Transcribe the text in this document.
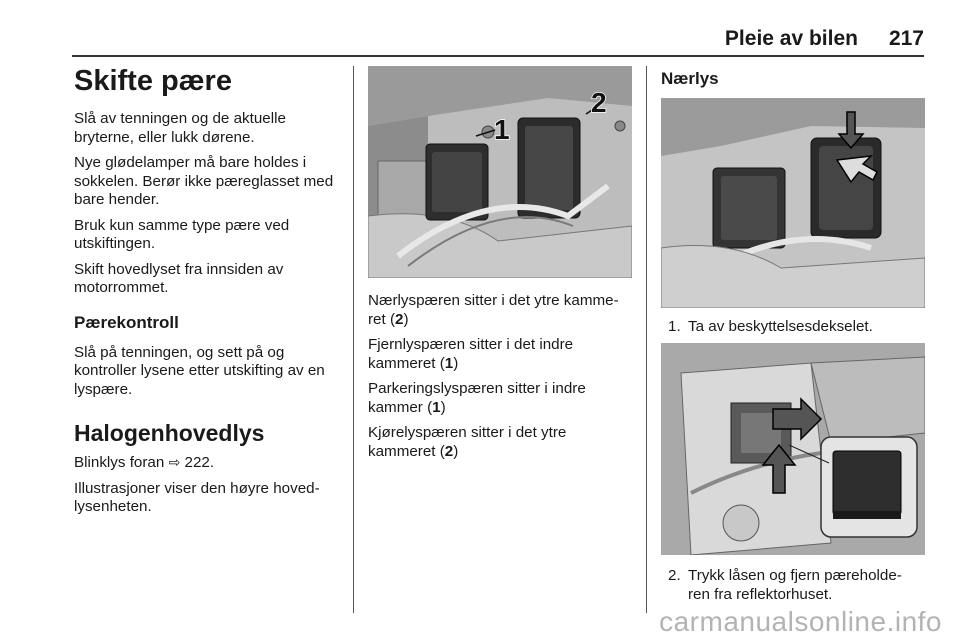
Pleie av bilen 217
Skifte pære

Slå av tenningen og de aktuelle bryterne, eller lukk dørene.

Nye glødelamper må bare holdes i sokkelen. Berør ikke pæreglasset med bare hender.

Bruk kun samme type pære ved utskiftingen.

Skift hovedlyset fra innsiden av motorrommet.

Pærekontroll

Slå på tenningen, og sett på og kontroller lysene etter utskifting av en lyspære.

Halogenhovedlys

Blinklys foran ⇨ 222.

Illustrasjoner viser den høyre hoved-lysenheten.

1
2

Nærlyspæren sitter i det ytre kamme-ret (2)

Fjernlyspæren sitter i det indre kammeret (1)

Parkeringslyspæren sitter i indre kammer (1)

Kjørelyspæren sitter i det ytre kammeret (2)

Nærlys
1. Ta av beskyttelsesdekselet.
2. Trykk låsen og fjern pæreholde-ren fra reflektorhuset.
carmanualsonline.info
